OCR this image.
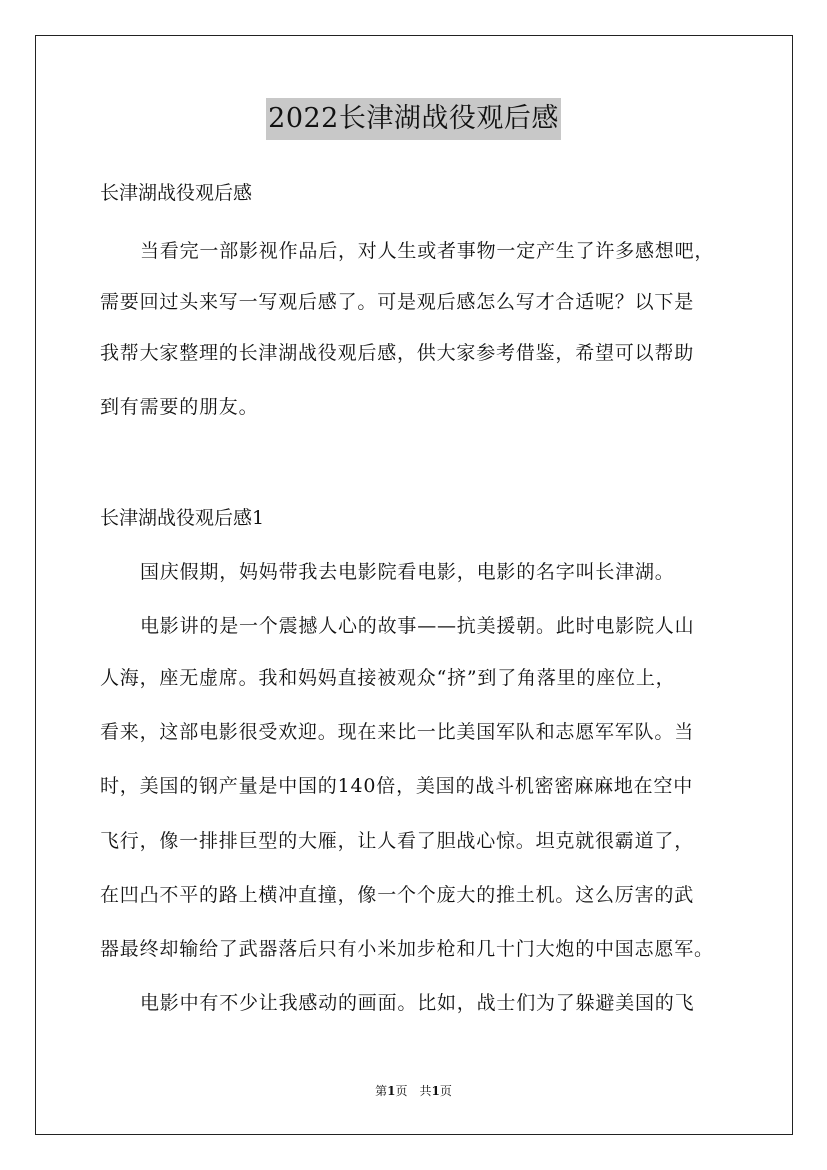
2022长津湖战役观后感
长津湖战役观后感
当看完一部影视作品后，对人生或者事物一定产生了许多感想吧，
需要回过头来写一写观后感了。可是观后感怎么写才合适呢？以下是
我帮大家整理的长津湖战役观后感，供大家参考借鉴，希望可以帮助
到有需要的朋友。
长津湖战役观后感1
国庆假期，妈妈带我去电影院看电影，电影的名字叫长津湖。
电影讲的是一个震撼人心的故事——抗美援朝。此时电影院人山
人海，座无虚席。我和妈妈直接被观众“挤”到了角落里的座位上，
看来，这部电影很受欢迎。现在来比一比美国军队和志愿军军队。当
时，美国的钢产量是中国的140倍，美国的战斗机密密麻麻地在空中
飞行，像一排排巨型的大雁，让人看了胆战心惊。坦克就很霸道了，
在凹凸不平的路上横冲直撞，像一个个庞大的推土机。这么厉害的武
器最终却输给了武器落后只有小米加步枪和几十门大炮的中国志愿军。
电影中有不少让我感动的画面。比如，战士们为了躲避美国的飞
第1页　共1页
